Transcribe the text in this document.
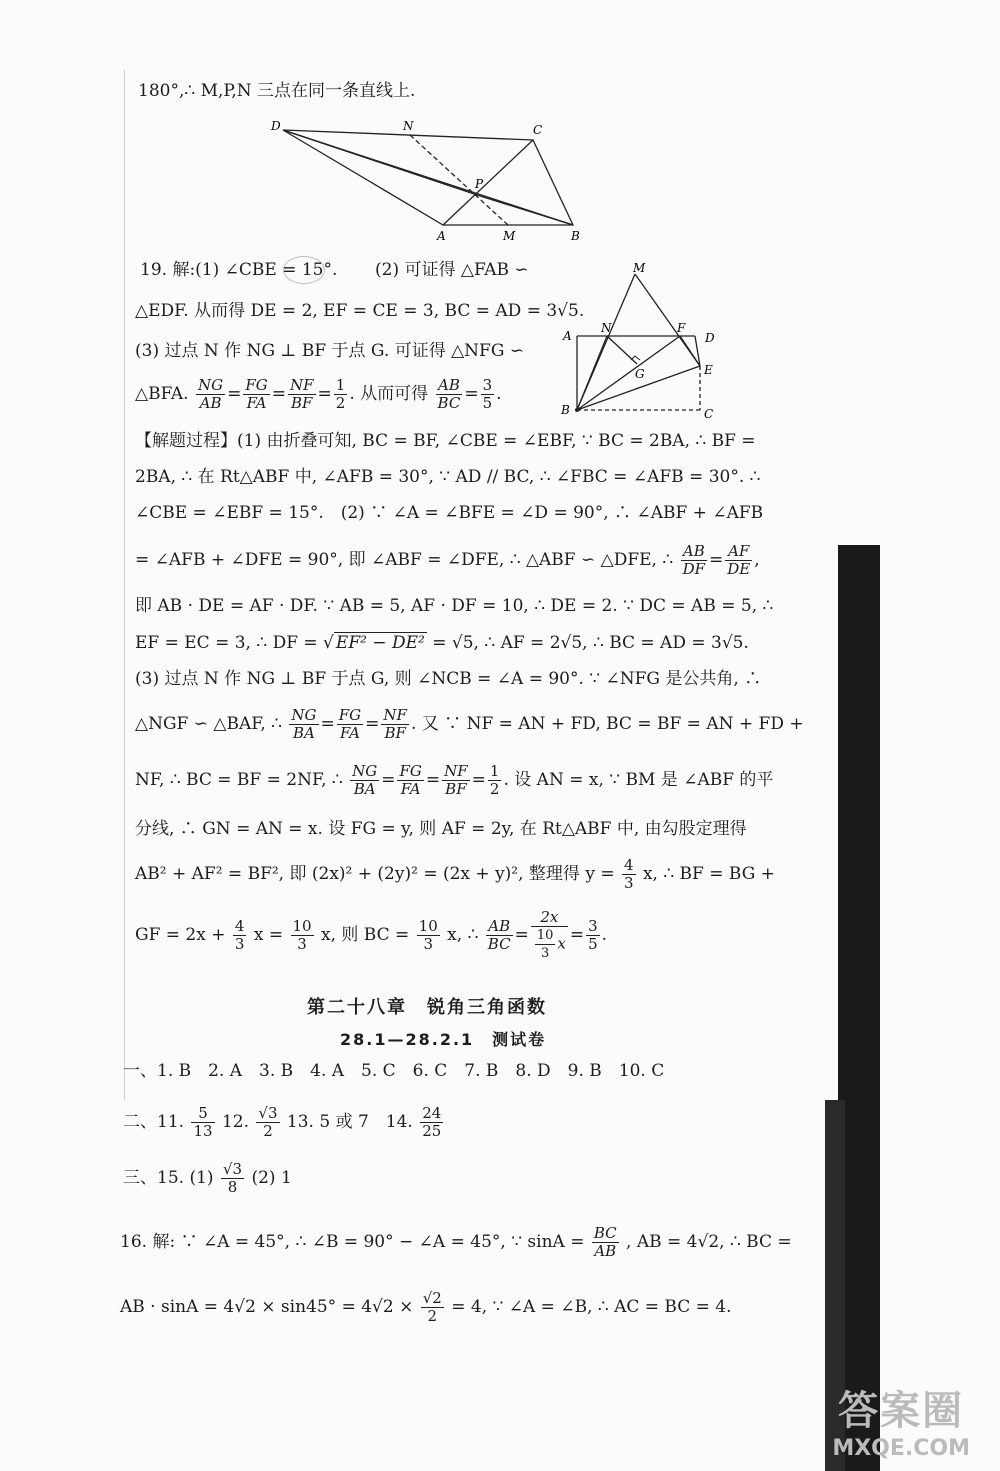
180°,∴ M,P,N 三点在同一条直线上.
D	N	C
P
A	M	B
M
A
N	F
D
G	E
B	C
19. 解:(1) ∠CBE = 15°. (2) 可证得 △FAB ∽
△EDF. 从而得 DE = 2, EF = CE = 3, BC = AD = 3√5.
(3) 过点 N 作 NG ⊥ BF 于点 G. 可证得 △NFG ∽
△BFA. $\frac{NG}{AB} = \frac{FG}{FA} = \frac{NF}{BF} = \frac{1}{2}$ . 从而可得 $\frac{AB}{BC} = \frac{3}{5}$ .
【解题过程】(1) 由折叠可知, BC = BF, ∠CBE = ∠EBF, ∵ BC = 2BA, ∴ BF =
2BA, ∴ 在 Rt△ABF 中, ∠AFB = 30°, ∵ AD // BC, ∴ ∠FBC = ∠AFB = 30°. ∴
∠CBE = ∠EBF = 15°.　(2) ∵ ∠A = ∠BFE = ∠D = 90°, ∴ ∠ABF + ∠AFB
= ∠AFB + ∠DFE = 90°, 即 ∠ABF = ∠DFE, ∴ △ABF ∽ △DFE, ∴ $\frac{AB}{DF} = \frac{AF}{DE}$ ,
即 AB · DE = AF · DF. ∵ AB = 5, AF · DF = 10, ∴ DE = 2. ∵ DC = AB = 5, ∴
EF = EC = 3, ∴ DF = √ EF² − DE² = √5, ∴ AF = 2√5, ∴ BC = AD = 3√5.
(3) 过点 N 作 NG ⊥ BF 于点 G, 则 ∠NCB = ∠A = 90°. ∵ ∠NFG 是公共角, ∴
△NGF ∽ △BAF, ∴ $\frac{NG}{BA} = \frac{FG}{FA} = \frac{NF}{BF}$ . 又 ∵ NF = AN + FD, BC = BF = AN + FD +
NF, ∴ BC = BF = 2NF, ∴ $\frac{NG}{BA} = \frac{FG}{FA} = \frac{NF}{BF} = \frac{1}{2}$ . 设 AN = x, ∵ BM 是 ∠ABF 的平
分线, ∴ GN = AN = x. 设 FG = y, 则 AF = 2y, 在 Rt△ABF 中, 由勾股定理得
AB² + AF² = BF², 即 (2x)² + (2y)² = (2x + y)², 整理得 $y = \frac{4}{3} x$, ∴ BF = BG +
GF = $2x + \frac{4}{3}$ $x = \frac{10}{3} x$, 则 BC = $\frac{10}{3} x$, ∴ $\frac{AB}{BC} = \frac{2x}{\frac{10}{3} x} = \frac{3}{5}$ .
第二十八章　锐角三角函数
28.1—28.2.1　测试卷
一、1. B　2. A　3. B　4. A　5. C　6. C　7. B　8. D　9. B　10. C
二、11. $\frac{5}{13} 12$. $\frac{√3}{2} 13$. 5 或 7　14. $\frac{24}{25}$
三、15. $(1) \frac{√3}{8} (2)$ 1
16. 解: ∵ ∠A = 45°, ∴ ∠B = 90° − ∠A = 45°, ∵ $\sin A = \frac{BC}{AB}$ , AB = 4√2, ∴ BC =
AB · $\sin A = 4√2 \times \sin 45^\circ = 4√2 \times \frac{√2}{2} = 4$, ∵ ∠A = ∠B, ∴ AC = BC = 4.
答案圈
MXQE.COM
